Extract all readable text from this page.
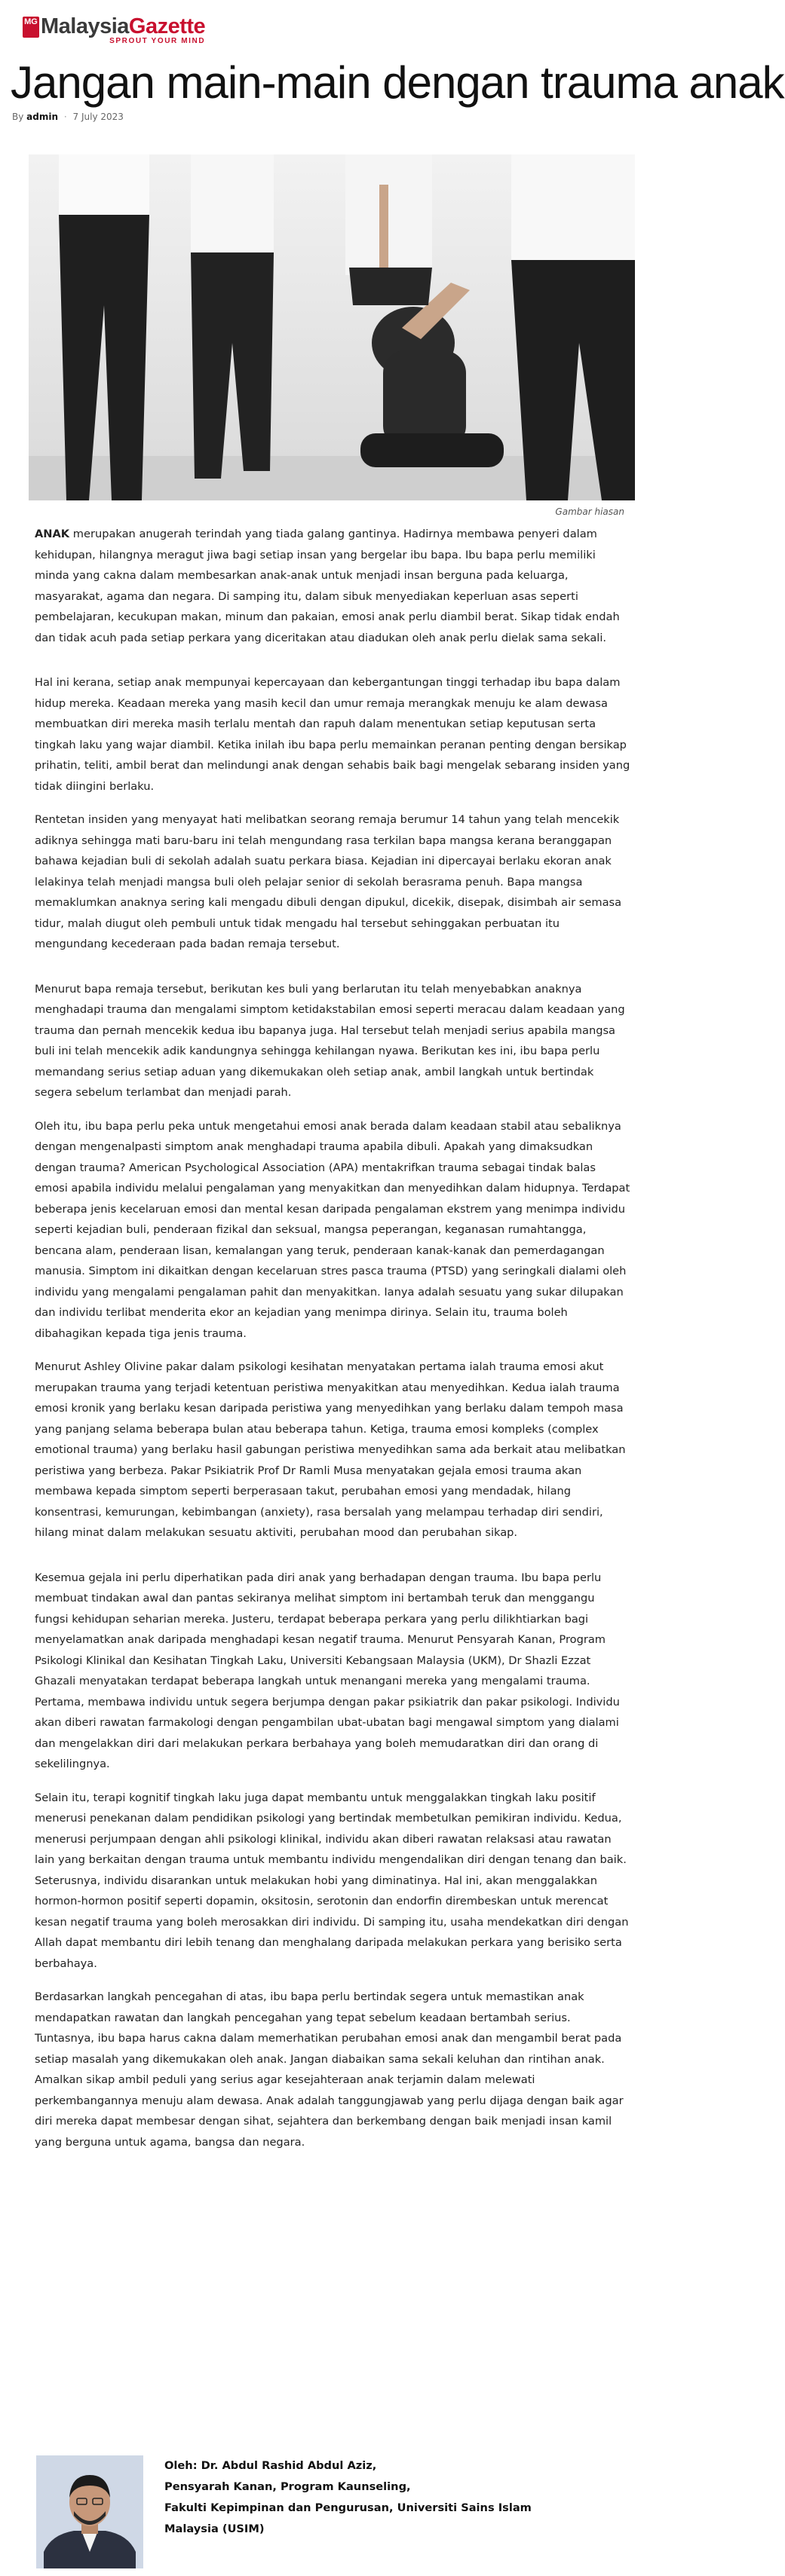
MG MalaysiaGazette
SPROUT YOUR MIND
Jangan main-main dengan trauma anak
By admin · 7 July 2023
Gambar hiasan

ANAK merupakan anugerah terindah yang tiada galang gantinya. Hadirnya membawa penyeri dalam kehidupan, hilangnya meragut jiwa bagi setiap insan yang bergelar ibu bapa. Ibu bapa perlu memiliki minda yang cakna dalam membesarkan anak-anak untuk menjadi insan berguna pada keluarga, masyarakat, agama dan negara. Di samping itu, dalam sibuk menyediakan keperluan asas seperti pembelajaran, kecukupan makan, minum dan pakaian, emosi anak perlu diambil berat. Sikap tidak endah dan tidak acuh pada setiap perkara yang diceritakan atau diadukan oleh anak perlu dielak sama sekali.

Hal ini kerana, setiap anak mempunyai kepercayaan dan kebergantungan tinggi terhadap ibu bapa dalam hidup mereka. Keadaan mereka yang masih kecil dan umur remaja merangkak menuju ke alam dewasa membuatkan diri mereka masih terlalu mentah dan rapuh dalam menentukan setiap keputusan serta tingkah laku yang wajar diambil. Ketika inilah ibu bapa perlu memainkan peranan penting dengan bersikap prihatin, teliti, ambil berat dan melindungi anak dengan sehabis baik bagi mengelak sebarang insiden yang tidak diingini berlaku.

Rentetan insiden yang menyayat hati melibatkan seorang remaja berumur 14 tahun yang telah mencekik adiknya sehingga mati baru-baru ini telah mengundang rasa terkilan bapa mangsa kerana beranggapan bahawa kejadian buli di sekolah adalah suatu perkara biasa. Kejadian ini dipercayai berlaku ekoran anak lelakinya telah menjadi mangsa buli oleh pelajar senior di sekolah berasrama penuh. Bapa mangsa memaklumkan anaknya sering kali mengadu dibuli dengan dipukul, dicekik, disepak, disimbah air semasa tidur, malah diugut oleh pembuli untuk tidak mengadu hal tersebut sehinggakan perbuatan itu mengundang kecederaan pada badan remaja tersebut.

Menurut bapa remaja tersebut, berikutan kes buli yang berlarutan itu telah menyebabkan anaknya menghadapi trauma dan mengalami simptom ketidakstabilan emosi seperti meracau dalam keadaan yang trauma dan pernah mencekik kedua ibu bapanya juga. Hal tersebut telah menjadi serius apabila mangsa buli ini telah mencekik adik kandungnya sehingga kehilangan nyawa. Berikutan kes ini, ibu bapa perlu memandang serius setiap aduan yang dikemukakan oleh setiap anak, ambil langkah untuk bertindak segera sebelum terlambat dan menjadi parah.

Oleh itu, ibu bapa perlu peka untuk mengetahui emosi anak berada dalam keadaan stabil atau sebaliknya dengan mengenalpasti simptom anak menghadapi trauma apabila dibuli. Apakah yang dimaksudkan dengan trauma? American Psychological Association (APA) mentakrifkan trauma sebagai tindak balas emosi apabila individu melalui pengalaman yang menyakitkan dan menyedihkan dalam hidupnya. Terdapat beberapa jenis kecelaruan emosi dan mental kesan daripada pengalaman ekstrem yang menimpa individu seperti kejadian buli, penderaan fizikal dan seksual, mangsa peperangan, keganasan rumahtangga, bencana alam, penderaan lisan, kemalangan yang teruk, penderaan kanak-kanak dan pemerdagangan manusia. Simptom ini dikaitkan dengan kecelaruan stres pasca trauma (PTSD) yang seringkali dialami oleh individu yang mengalami pengalaman pahit dan menyakitkan. Ianya adalah sesuatu yang sukar dilupakan dan individu terlibat menderita ekor an kejadian yang menimpa dirinya. Selain itu, trauma boleh dibahagikan kepada tiga jenis trauma.

Menurut Ashley Olivine pakar dalam psikologi kesihatan menyatakan pertama ialah trauma emosi akut merupakan trauma yang terjadi ketentuan peristiwa menyakitkan atau menyedihkan. Kedua ialah trauma emosi kronik yang berlaku kesan daripada peristiwa yang menyedihkan yang berlaku dalam tempoh masa yang panjang selama beberapa bulan atau beberapa tahun. Ketiga, trauma emosi kompleks (complex emotional trauma) yang berlaku hasil gabungan peristiwa menyedihkan sama ada berkait atau melibatkan peristiwa yang berbeza. Pakar Psikiatrik Prof Dr Ramli Musa menyatakan gejala emosi trauma akan membawa kepada simptom seperti berperasaan takut, perubahan emosi yang mendadak, hilang konsentrasi, kemurungan, kebimbangan (anxiety), rasa bersalah yang melampau terhadap diri sendiri, hilang minat dalam melakukan sesuatu aktiviti, perubahan mood dan perubahan sikap.

Kesemua gejala ini perlu diperhatikan pada diri anak yang berhadapan dengan trauma. Ibu bapa perlu membuat tindakan awal dan pantas sekiranya melihat simptom ini bertambah teruk dan menggangu fungsi kehidupan seharian mereka. Justeru, terdapat beberapa perkara yang perlu dilikhtiarkan bagi menyelamatkan anak daripada menghadapi kesan negatif trauma. Menurut Pensyarah Kanan, Program Psikologi Klinikal dan Kesihatan Tingkah Laku, Universiti Kebangsaan Malaysia (UKM), Dr Shazli Ezzat Ghazali menyatakan terdapat beberapa langkah untuk menangani mereka yang mengalami trauma. Pertama, membawa individu untuk segera berjumpa dengan pakar psikiatrik dan pakar psikologi. Individu akan diberi rawatan farmakologi dengan pengambilan ubat-ubatan bagi mengawal simptom yang dialami dan mengelakkan diri dari melakukan perkara berbahaya yang boleh memudaratkan diri dan orang di sekelilingnya.

Selain itu, terapi kognitif tingkah laku juga dapat membantu untuk menggalakkan tingkah laku positif menerusi penekanan dalam pendidikan psikologi yang bertindak membetulkan pemikiran individu. Kedua, menerusi perjumpaan dengan ahli psikologi klinikal, individu akan diberi rawatan relaksasi atau rawatan lain yang berkaitan dengan trauma untuk membantu individu mengendalikan diri dengan tenang dan baik.

Seterusnya, individu disarankan untuk melakukan hobi yang diminatinya. Hal ini, akan menggalakkan hormon-hormon positif seperti dopamin, oksitosin, serotonin dan endorfin dirembeskan untuk merencat kesan negatif trauma yang boleh merosakkan diri individu. Di samping itu, usaha mendekatkan diri dengan Allah dapat membantu diri lebih tenang dan menghalang daripada melakukan perkara yang berisiko serta berbahaya.

Berdasarkan langkah pencegahan di atas, ibu bapa perlu bertindak segera untuk memastikan anak mendapatkan rawatan dan langkah pencegahan yang tepat sebelum keadaan bertambah serius. Tuntasnya, ibu bapa harus cakna dalam memerhatikan perubahan emosi anak dan mengambil berat pada setiap masalah yang dikemukakan oleh anak. Jangan diabaikan sama sekali keluhan dan rintihan anak. Amalkan sikap ambil peduli yang serius agar kesejahteraan anak terjamin dalam melewati perkembangannya menuju alam dewasa. Anak adalah tanggungjawab yang perlu dijaga dengan baik agar diri mereka dapat membesar dengan sihat, sejahtera dan berkembang dengan baik menjadi insan kamil yang berguna untuk agama, bangsa dan negara.

Oleh: Dr. Abdul Rashid Abdul Aziz,
Pensyarah Kanan, Program Kaunseling,
Fakulti Kepimpinan dan Pengurusan, Universiti Sains Islam
Malaysia (USIM)
